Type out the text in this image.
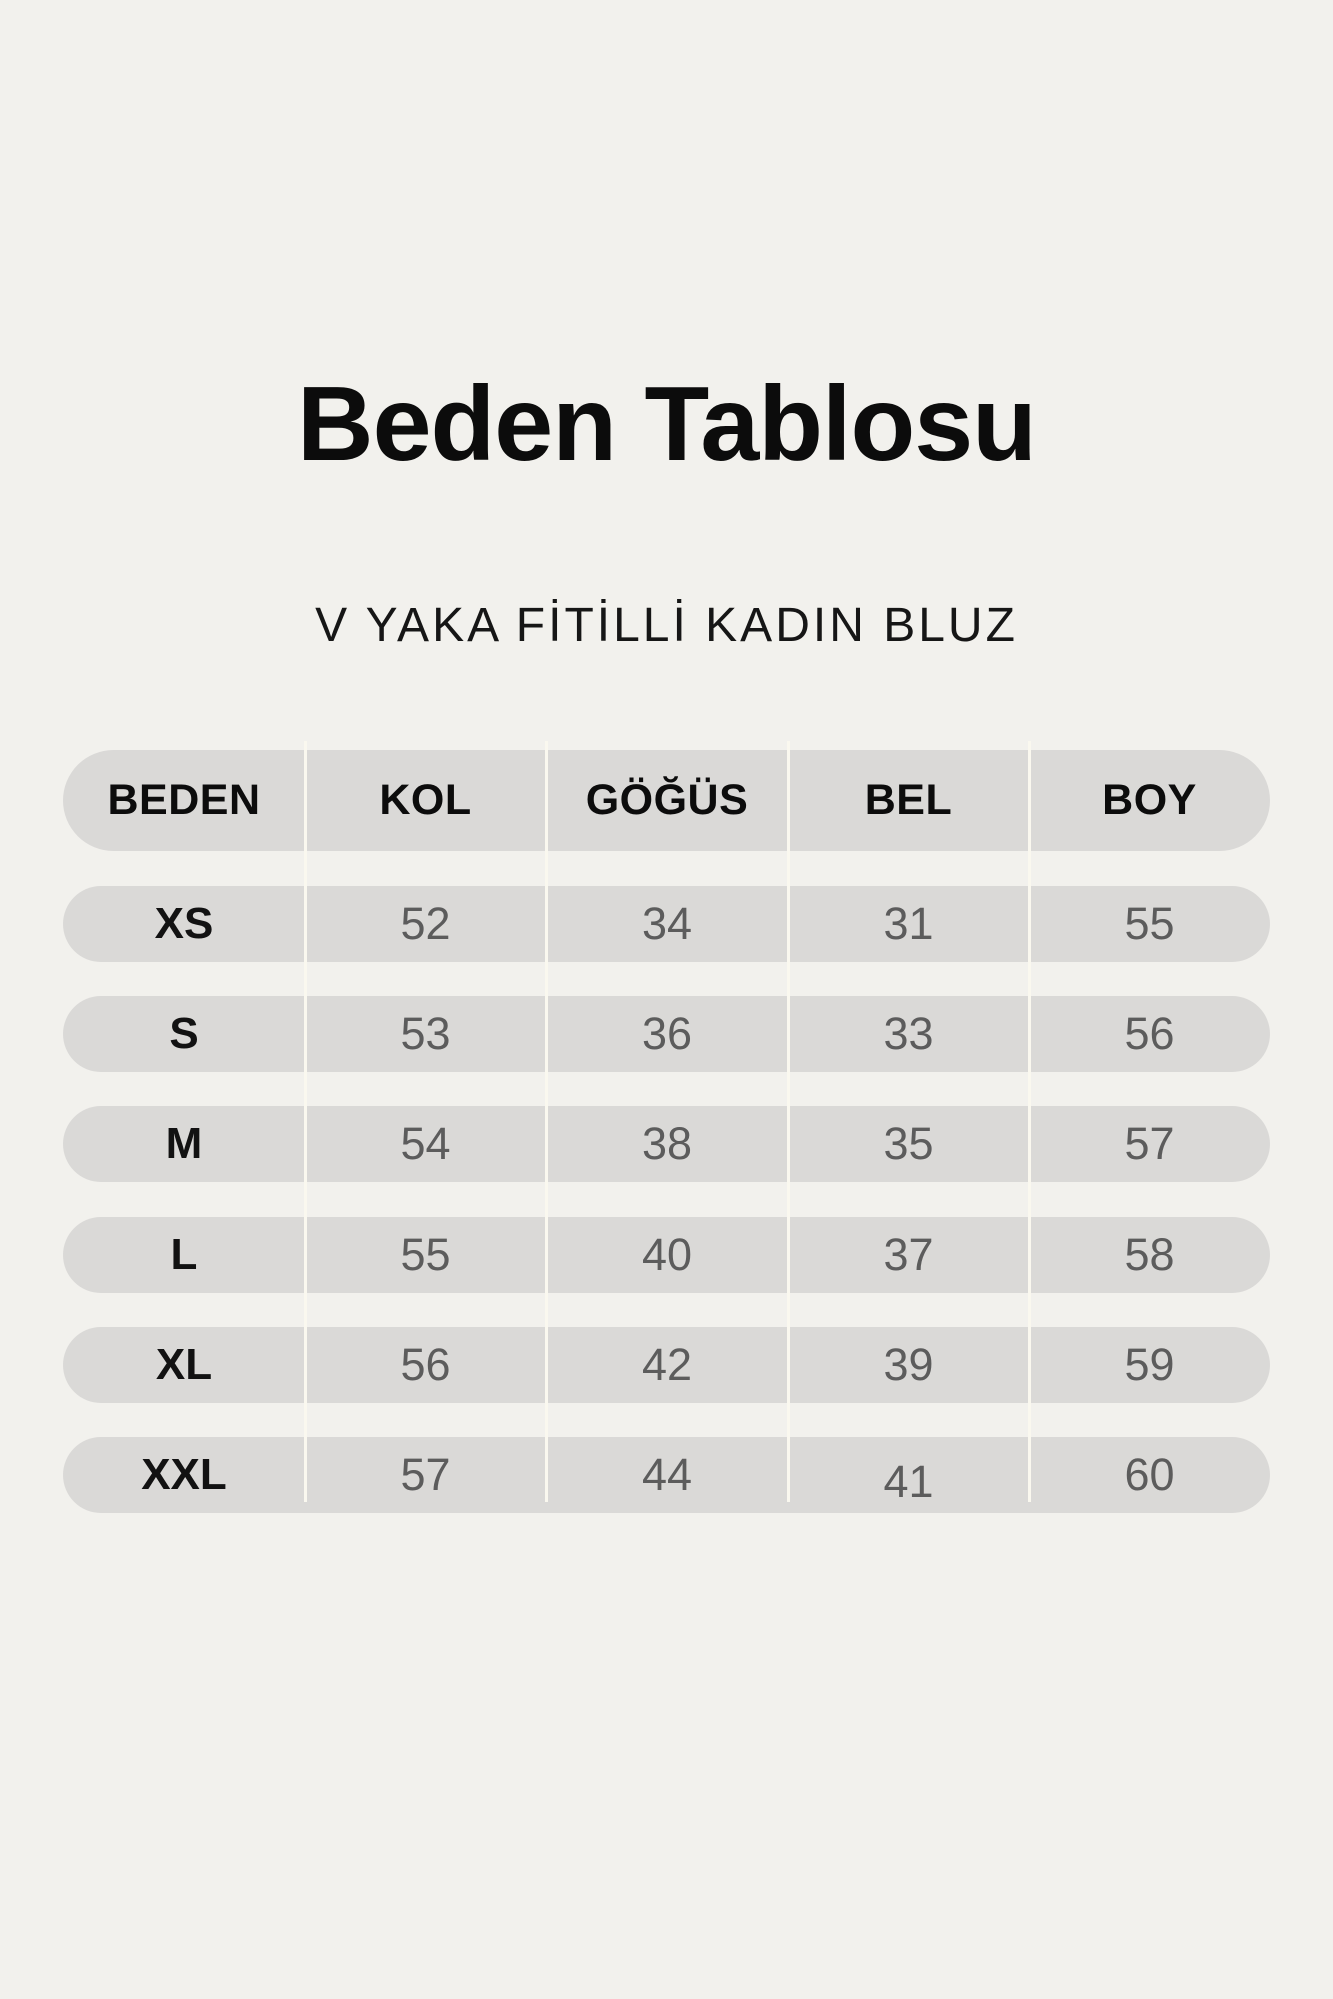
Beden Tablosu
V YAKA FİTİLLİ KADIN BLUZ
BEDEN	KOL	GÖĞÜS	BEL	BOY
XS	52	34	31	55
S	53	36	33	56
M	54	38	35	57
L	55	40	37	58
XL	56	42	39	59
XXL	57	44	41	60
